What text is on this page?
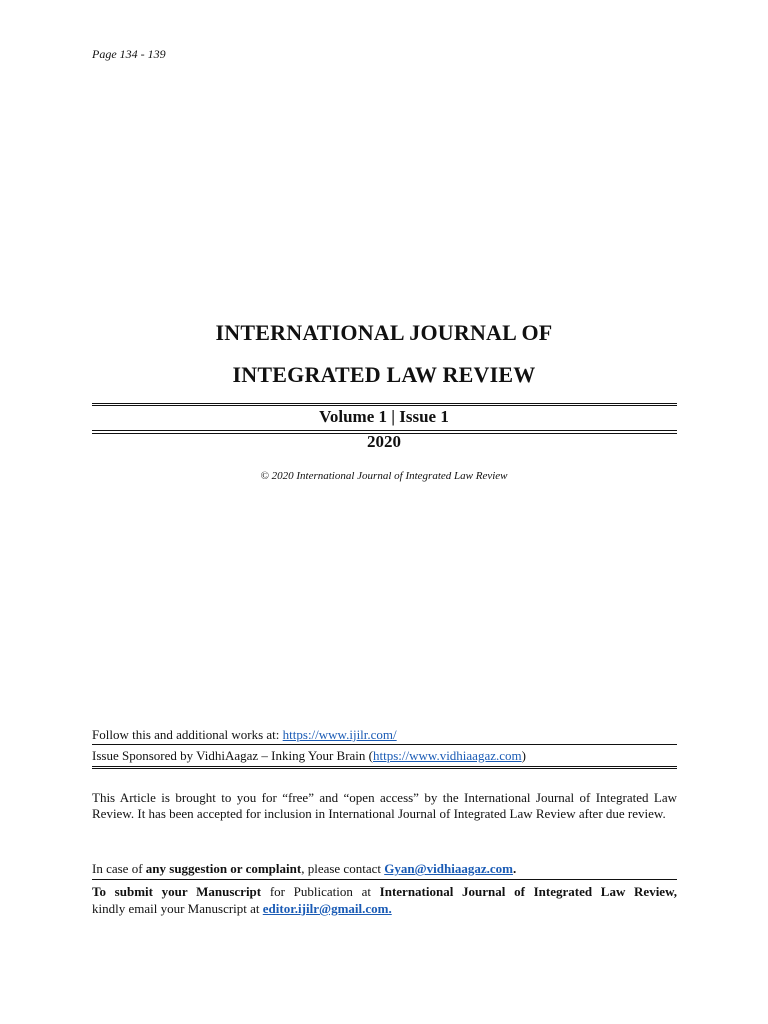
Page 134 - 139
INTERNATIONAL JOURNAL OF
INTEGRATED LAW REVIEW
Volume 1 | Issue 1
2020
© 2020 International Journal of Integrated Law Review
Follow this and additional works at: https://www.ijilr.com/
Issue Sponsored by VidhiAagaz – Inking Your Brain (https://www.vidhiaagaz.com)
This Article is brought to you for “free” and “open access” by the International Journal of Integrated Law Review. It has been accepted for inclusion in International Journal of Integrated Law Review after due review.
In case of any suggestion or complaint, please contact Gyan@vidhiaagaz.com.
To submit your Manuscript for Publication at International Journal of Integrated Law Review,
kindly email your Manuscript at editor.ijilr@gmail.com.
